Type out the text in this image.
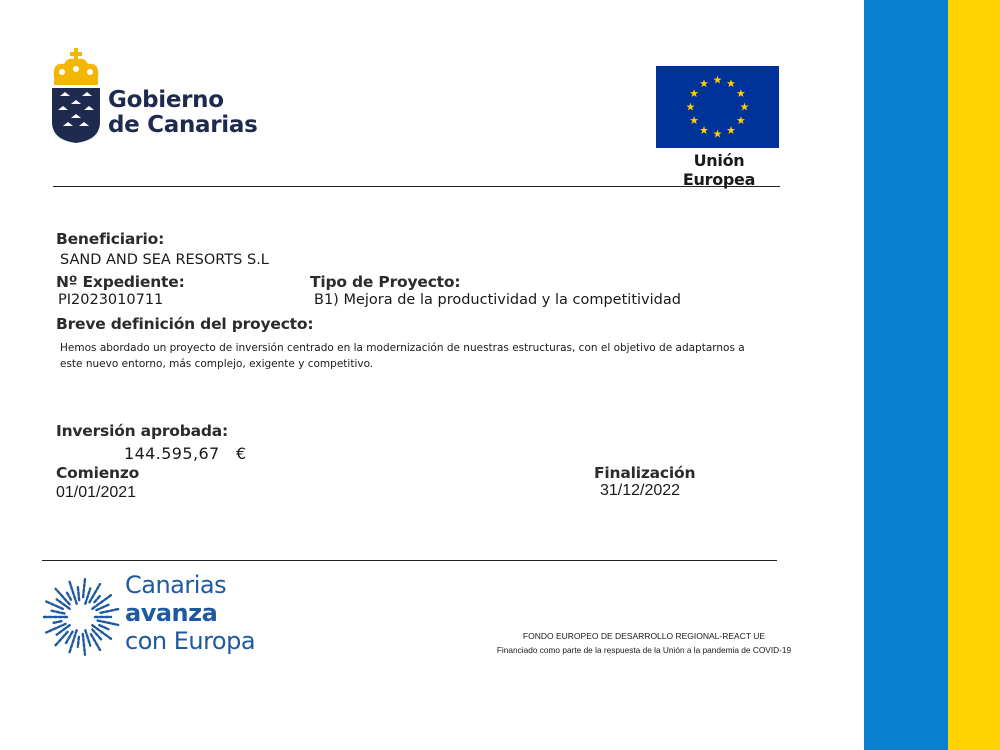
Gobierno
de Canarias
Unión Europea
Beneficiario:
SAND AND SEA RESORTS S.L
Nº Expediente:
PI2023010711
Tipo de Proyecto:
B1) Mejora de la productividad y la competitividad
Breve definición del proyecto:
Hemos abordado un proyecto de inversión centrado en la modernización de nuestras estructuras, con el objetivo de adaptarnos a este nuevo entorno, más complejo, exigente y competitivo.
Inversión aprobada:
144.595,67 €
Comienzo
01/01/2021
Finalización
31/12/2022
Canarias
avanza
con Europa	FONDO EUROPEO DE DESARROLLO REGIONAL-REACT UE
Financiado como parte de la respuesta de la Unión a la pandemia de COVID-19
